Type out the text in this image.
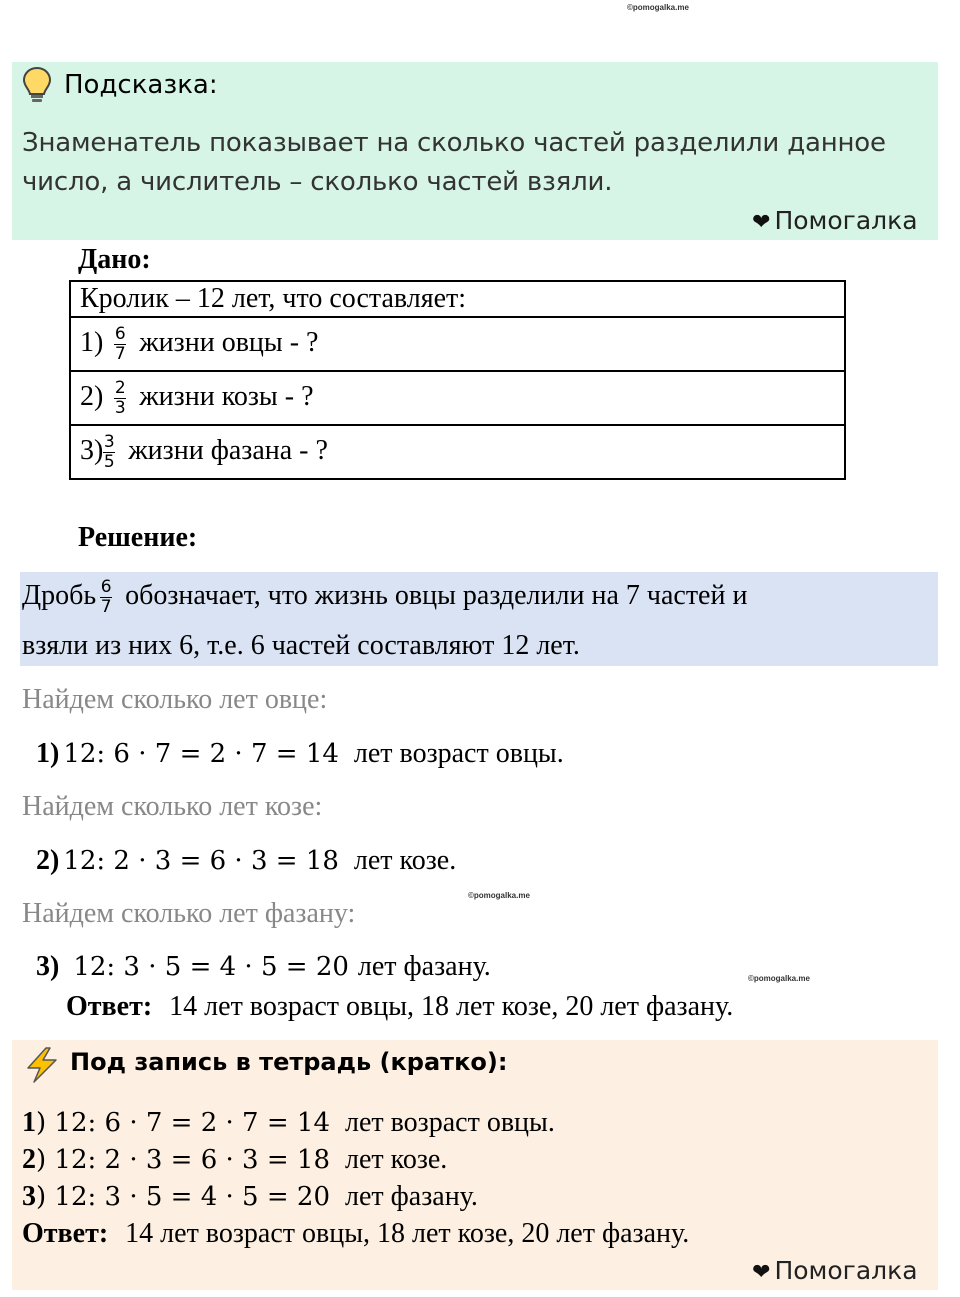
©pomogalka.me
©pomogalka.me
©pomogalka.me
Подсказка:
Знаменатель показывает на сколько частей разделили данное
число, а числитель – сколько частей взяли.
❤ Помогалка
Дано:
Кролик – 12 лет, что составляет:
$1) \frac{6}{7}$ жизни овцы - ?
$2) \frac{2}{3}$ жизни козы - ?
$3) \frac{3}{5}$ жизни фазана - ?
Решение:
Дробь $\frac{6}{7}$ обозначает, что жизнь овцы разделили на 7 частей и
взяли из них 6, т.е. 6 частей составляют 12 лет.
Найдем сколько лет овце:
1) 12: 6 · 7 = 2 · 7 = 14 лет возраст овцы.
Найдем сколько лет козе:
2) 12: 2 · 3 = 6 · 3 = 18 лет козе.
Найдем сколько лет фазану:
3) 12: 3 · 5 = 4 · 5 = 20 лет фазану.
Ответ: 14 лет возраст овцы, 18 лет козе, 20 лет фазану.
Под запись в тетрадь (кратко):
1) 12: 6 · 7 = 2 · 7 = 14 лет возраст овцы.
2) 12: 2 · 3 = 6 · 3 = 18 лет козе.
3) 12: 3 · 5 = 4 · 5 = 20 лет фазану.
Ответ: 14 лет возраст овцы, 18 лет козе, 20 лет фазану.
❤ Помогалка
